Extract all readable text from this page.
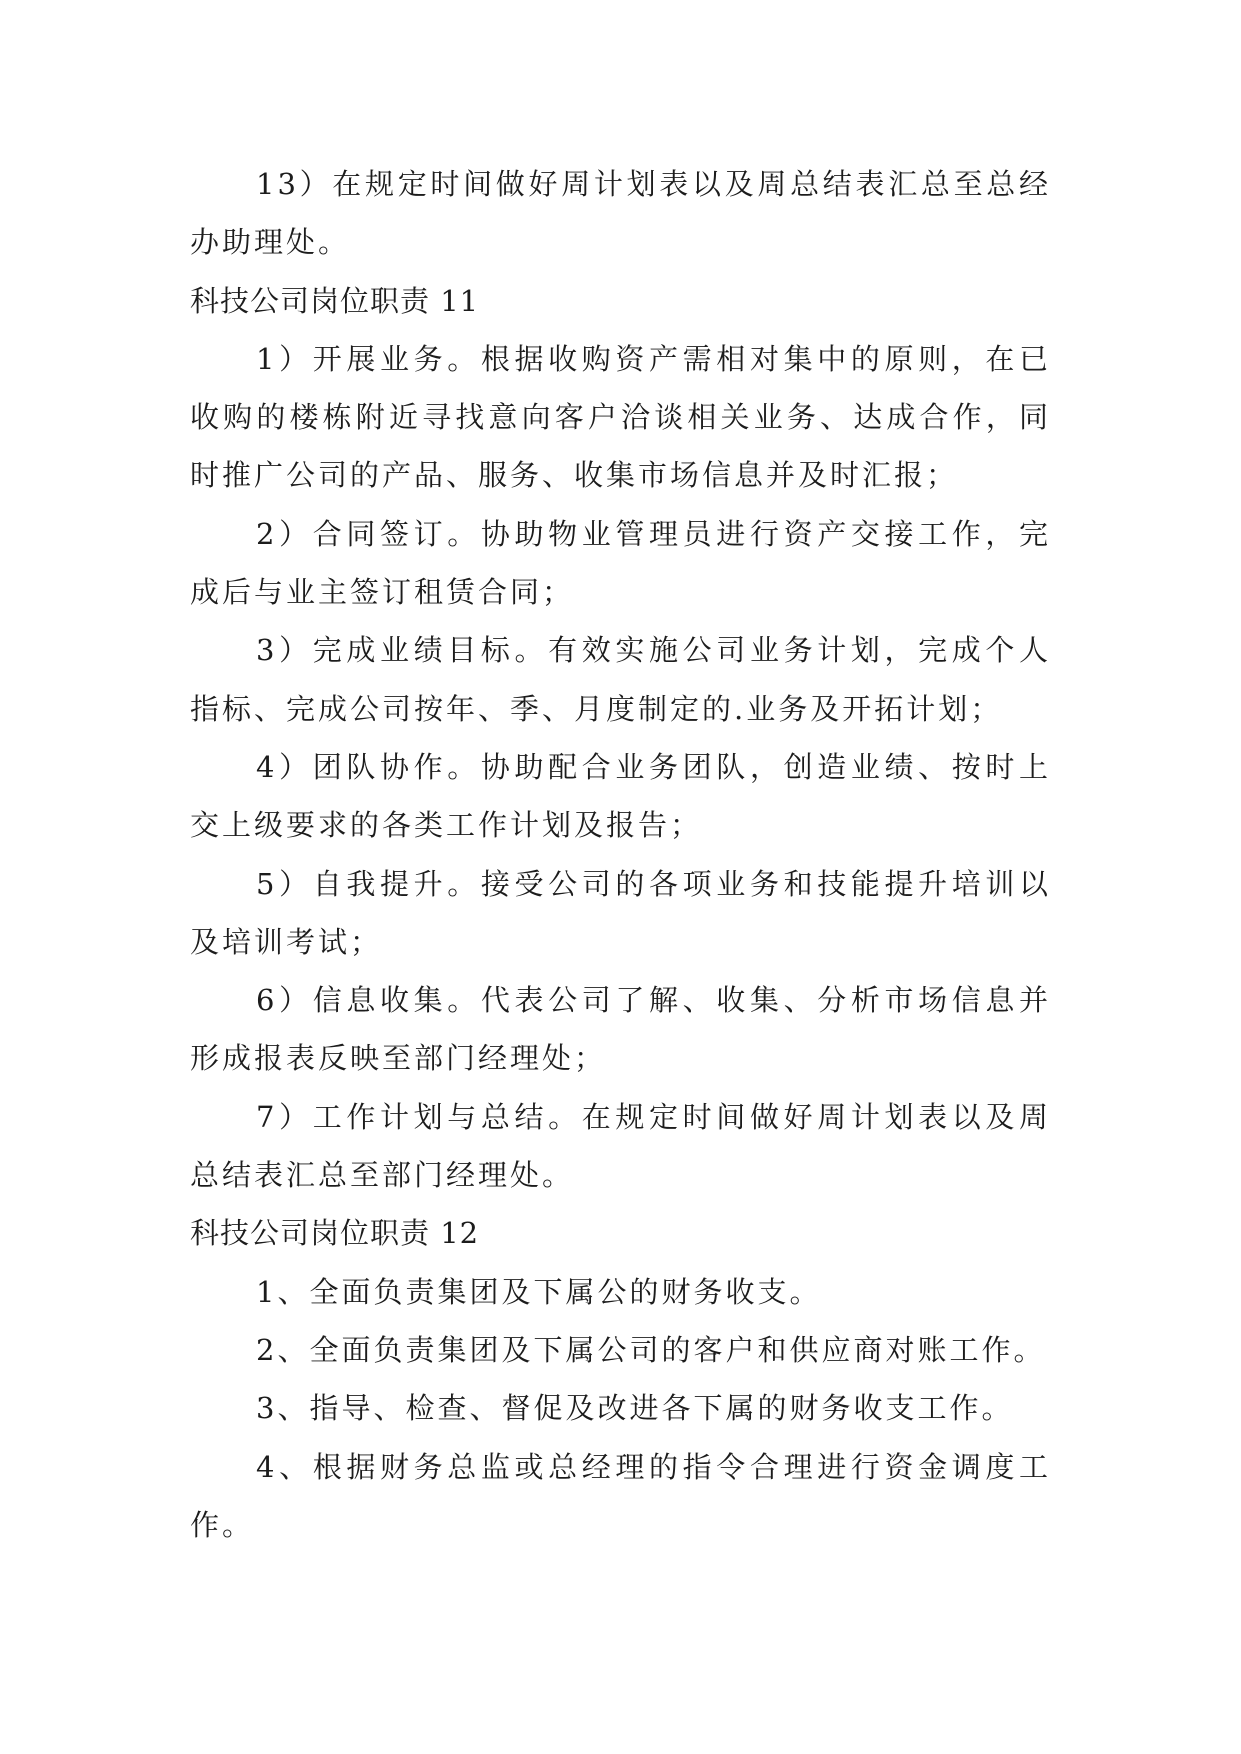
13）在规定时间做好周计划表以及周总结表汇总至总经
办助理处。
科技公司岗位职责 11
1）开展业务。根据收购资产需相对集中的原则，在已
收购的楼栋附近寻找意向客户洽谈相关业务、达成合作，同
时推广公司的产品、服务、收集市场信息并及时汇报；
2）合同签订。协助物业管理员进行资产交接工作，完
成后与业主签订租赁合同；
3）完成业绩目标。有效实施公司业务计划，完成个人
指标、完成公司按年、季、月度制定的.业务及开拓计划；
4）团队协作。协助配合业务团队，创造业绩、按时上
交上级要求的各类工作计划及报告；
5）自我提升。接受公司的各项业务和技能提升培训以
及培训考试；
6）信息收集。代表公司了解、收集、分析市场信息并
形成报表反映至部门经理处；
7）工作计划与总结。在规定时间做好周计划表以及周
总结表汇总至部门经理处。
科技公司岗位职责 12
1、全面负责集团及下属公的财务收支。
2、全面负责集团及下属公司的客户和供应商对账工作。
3、指导、检查、督促及改进各下属的财务收支工作。
4、根据财务总监或总经理的指令合理进行资金调度工
作。
